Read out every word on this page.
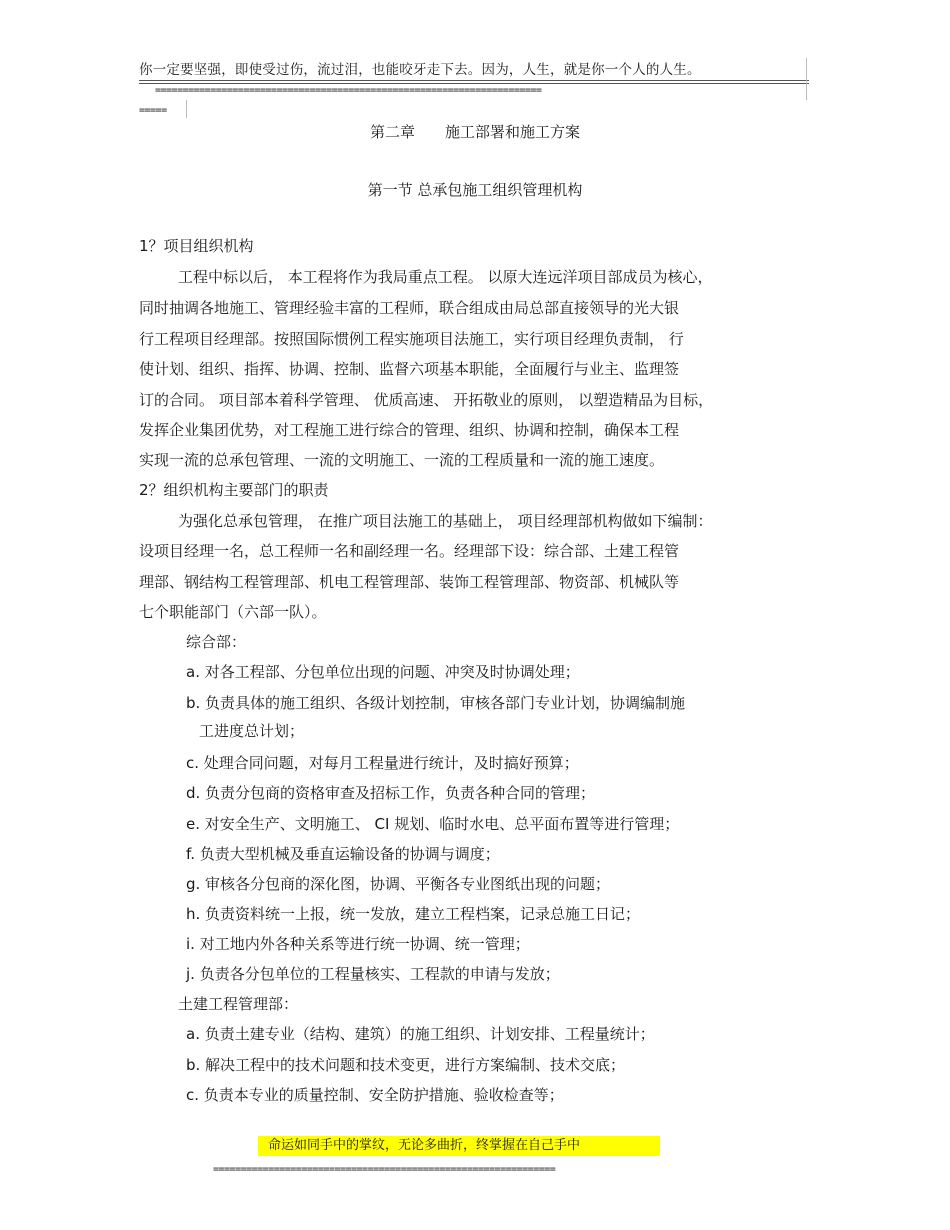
你一定要坚强，即使受过伤，流过泪，也能咬牙走下去。因为，人生，就是你一个人的人生。
======================================================================
=====
第二章 施工部署和施工方案
第一节 总承包施工组织管理机构
1？项目组织机构
工程中标以后， 本工程将作为我局重点工程。 以原大连远洋项目部成员为核心，
同时抽调各地施工、管理经验丰富的工程师，联合组成由局总部直接领导的光大银
行工程项目经理部。按照国际惯例工程实施项目法施工，实行项目经理负责制， 行
使计划、组织、指挥、协调、控制、监督六项基本职能，全面履行与业主、监理签
订的合同。 项目部本着科学管理、 优质高速、 开拓敬业的原则， 以塑造精品为目标，
发挥企业集团优势，对工程施工进行综合的管理、组织、协调和控制，确保本工程
实现一流的总承包管理、一流的文明施工、一流的工程质量和一流的施工速度。
2？组织机构主要部门的职责
为强化总承包管理， 在推广项目法施工的基础上， 项目经理部机构做如下编制：
设项目经理一名，总工程师一名和副经理一名。经理部下设：综合部、土建工程管
理部、钢结构工程管理部、机电工程管理部、装饰工程管理部、物资部、机械队等
七个职能部门（六部一队）。
综合部：
a. 对各工程部、分包单位出现的问题、冲突及时协调处理；
b. 负责具体的施工组织、各级计划控制，审核各部门专业计划，协调编制施
工进度总计划；
c. 处理合同问题，对每月工程量进行统计，及时搞好预算；
d. 负责分包商的资格审查及招标工作，负责各种合同的管理；
e. 对安全生产、文明施工、 CI 规划、临时水电、总平面布置等进行管理；
f. 负责大型机械及垂直运输设备的协调与调度；
g. 审核各分包商的深化图，协调、平衡各专业图纸出现的问题；
h. 负责资料统一上报，统一发放，建立工程档案，记录总施工日记；
i. 对工地内外各种关系等进行统一协调、统一管理；
j. 负责各分包单位的工程量核实、工程款的申请与发放；
土建工程管理部：
a. 负责土建专业（结构、建筑）的施工组织、计划安排、工程量统计；
b. 解决工程中的技术问题和技术变更，进行方案编制、技术交底；
c. 负责本专业的质量控制、安全防护措施、验收检查等；
命运如同手中的掌纹，无论多曲折，终掌握在自己手中
==============================================================
